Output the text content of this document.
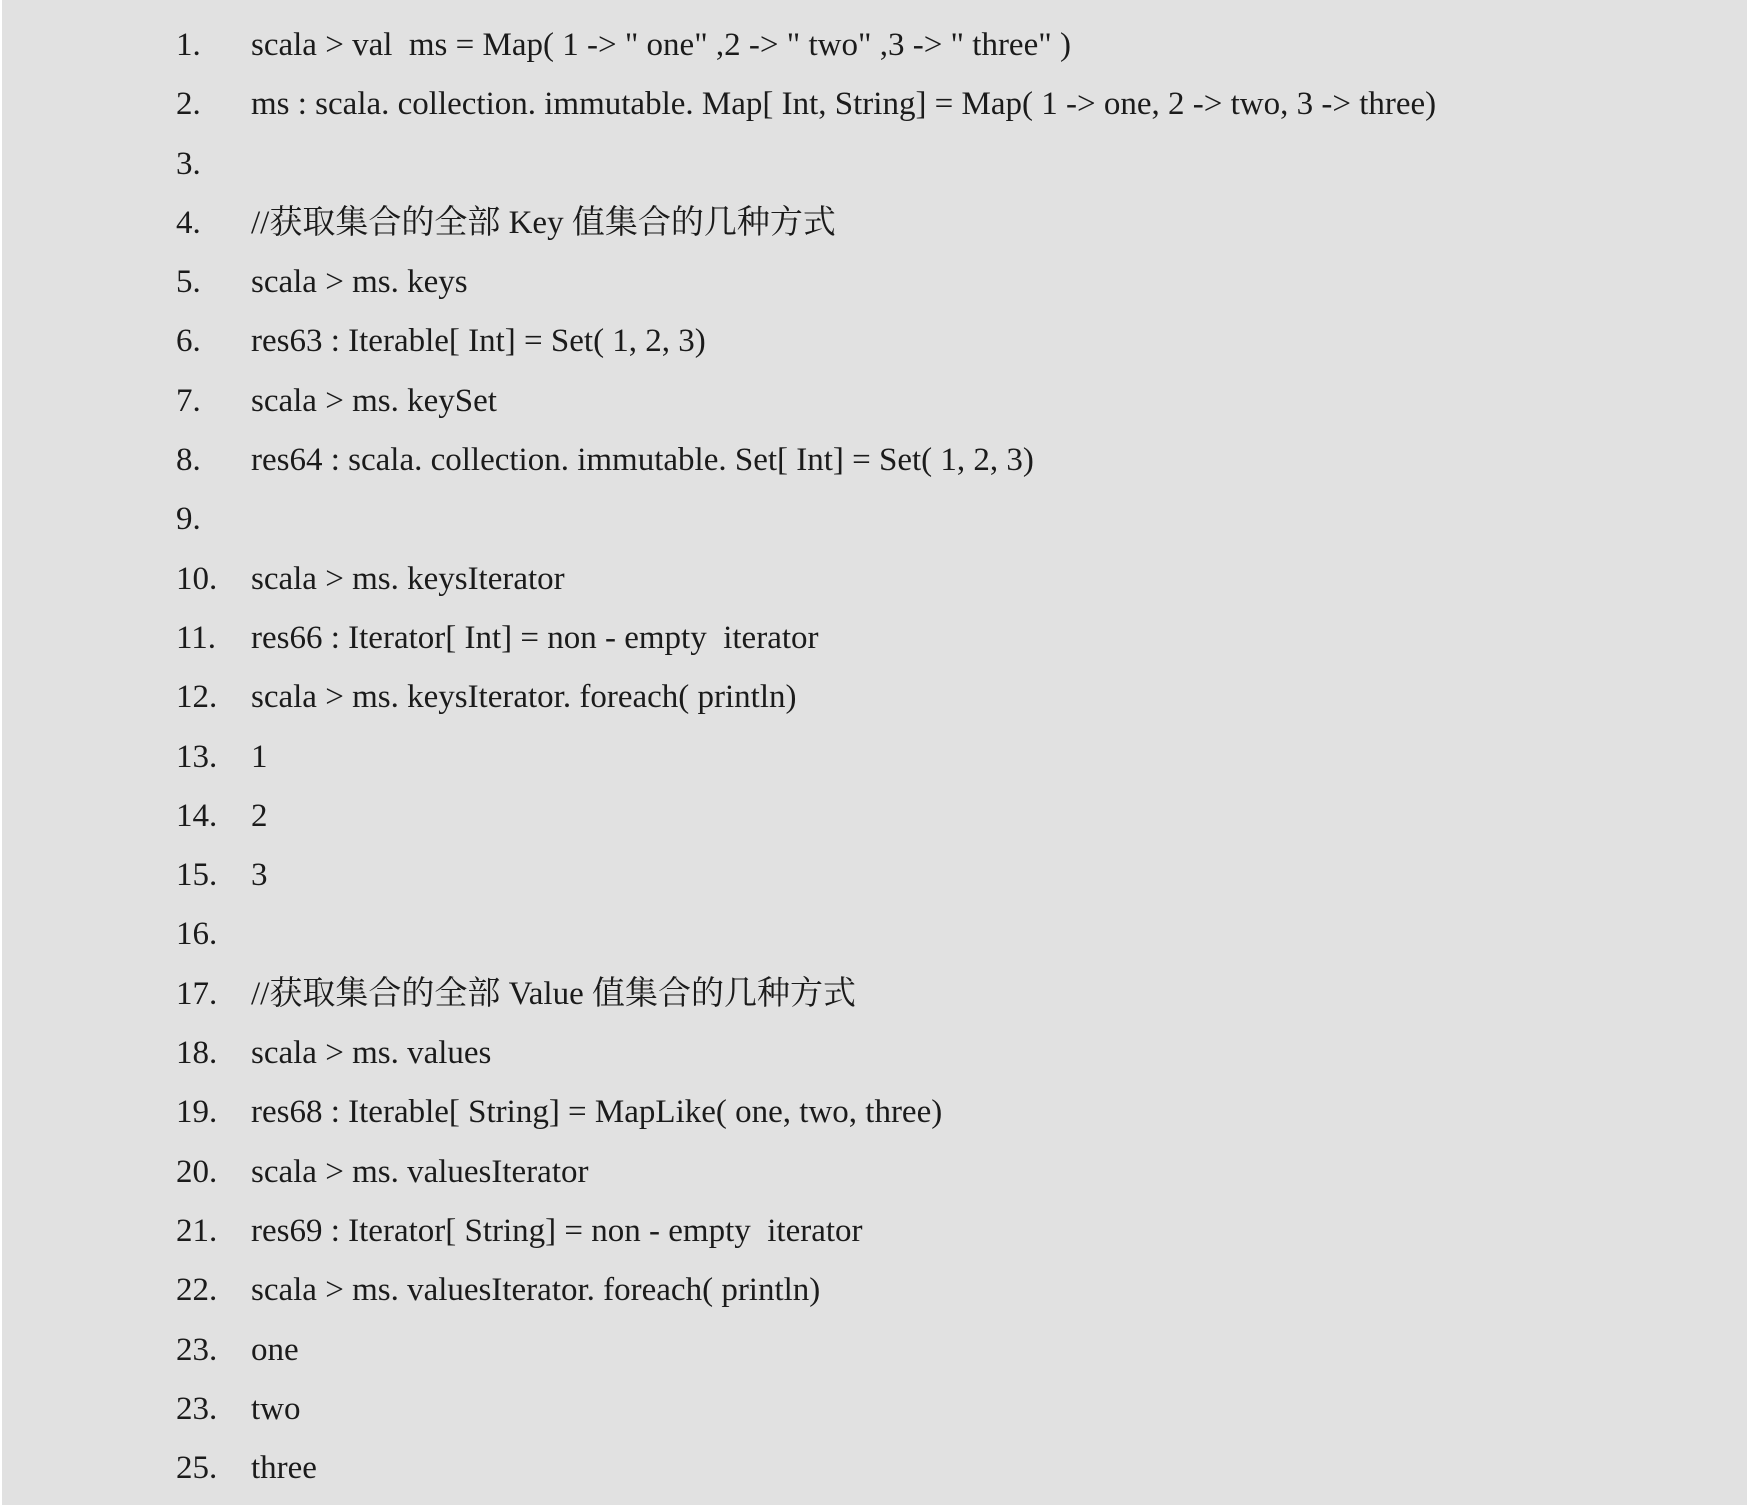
1. scala > val  ms = Map( 1 -> " one" ,2 -> " two" ,3 -> " three" )
2. ms : scala. collection. immutable. Map[ Int, String] = Map( 1 -> one, 2 -> two, 3 -> three)
3.
4. //获取集合的全部 Key 值集合的几种方式
5. scala > ms. keys
6. res63 : Iterable[ Int] = Set( 1, 2, 3)
7. scala > ms. keySet
8. res64 : scala. collection. immutable. Set[ Int] = Set( 1, 2, 3)
9.
10. scala > ms. keysIterator
11. res66 : Iterator[ Int] = non - empty  iterator
12. scala > ms. keysIterator. foreach( println)
13. 1
14. 2
15. 3
16.
17. //获取集合的全部 Value 值集合的几种方式
18. scala > ms. values
19. res68 : Iterable[ String] = MapLike( one, two, three)
20. scala > ms. valuesIterator
21. res69 : Iterator[ String] = non - empty  iterator
22. scala > ms. valuesIterator. foreach( println)
23. one
23. two
25. three
